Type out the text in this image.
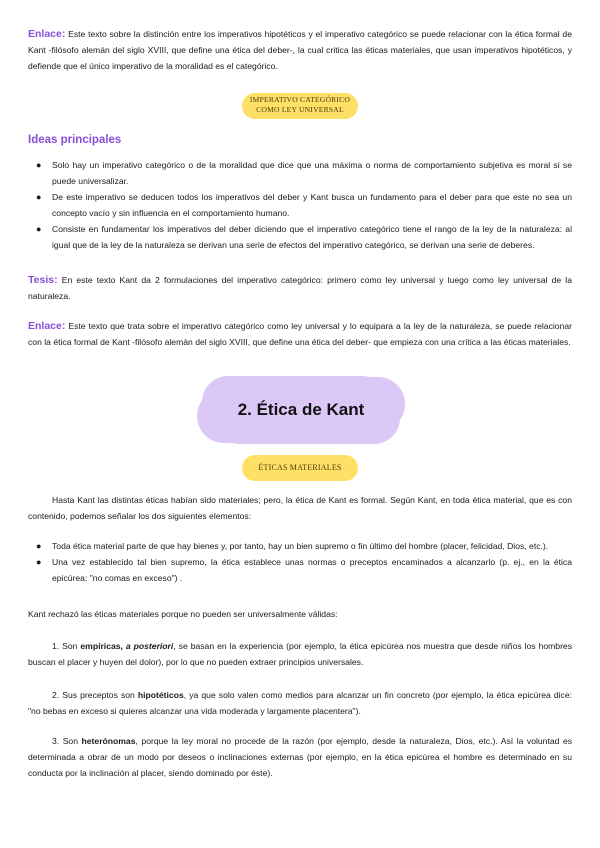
Enlace: Este texto sobre la distinción entre los imperativos hipotéticos y el imperativo categórico se puede relacionar con la ética formal de Kant -filósofo alemán del siglo XVIII, que define una ética del deber-, la cual critica las éticas materiales, que usan imperativos hipotéticos, y defiende que el único imperativo de la moralidad es el categórico.

IMPERATIVO CATEGÓRICO
COMO LEY UNIVERSAL
Ideas principales
● Solo hay un imperativo categórico o de la moralidad que dice que una máxima o norma de comportamiento subjetiva es moral si se puede universalizar.
● De este imperativo se deducen todos los imperativos del deber y Kant busca un fundamento para el deber para que este no sea un concepto vacío y sin influencia en el comportamiento humano.
● Consiste en fundamentar los imperativos del deber diciendo que el imperativo categórico tiene el rango de la ley de la naturaleza: al igual que de la ley de la naturaleza se derivan una serie de efectos del imperativo categórico, se derivan una serie de deberes.

Tesis: En este texto Kant da 2 formulaciones del imperativo categórico: primero como ley universal y luego como ley universal de la naturaleza.

Enlace: Este texto que trata sobre el imperativo categórico como ley universal y lo equipara a la ley de la naturaleza, se puede relacionar con la ética formal de Kant -filósofo alemán del siglo XVIII, que define una ética del deber- que empieza con una crítica a las éticas materiales.

2. Ética de Kant
ÉTICAS MATERIALES

Hasta Kant las distintas éticas habían sido materiales; pero, la ética de Kant es formal. Según Kant, en toda ética material, que es con contenido, podemos señalar los dos siguientes elementos:

● Toda ética material parte de que hay bienes y, por tanto, hay un bien supremo o fin último del hombre (placer, felicidad, Dios, etc.).
● Una vez establecido tal bien supremo, la ética establece unas normas o preceptos encaminados a alcanzarlo (p. ej., en la ética epicúrea: "no comas en exceso") .

Kant rechazó las éticas materiales porque no pueden ser universalmente válidas:

1. Son empíricas, a posteriori, se basan en la experiencia (por ejemplo, la ética epicúrea nos muestra que desde niños los hombres buscan el placer y huyen del dolor), por lo que no pueden extraer principios universales.

2. Sus preceptos son hipotéticos, ya que solo valen como medios para alcanzar un fin concreto (por ejemplo, la ética epicúrea dice: "no bebas en exceso si quieres alcanzar una vida moderada y largamente placentera").

3. Son heterónomas, porque la ley moral no procede de la razón (por ejemplo, desde la naturaleza, Dios, etc.). Así la voluntad es determinada a obrar de un modo por deseos o inclinaciones externas (por ejemplo, en la ética epicúrea el hombre es determinado en su conducta por la inclinación al placer, siendo dominado por éste).
